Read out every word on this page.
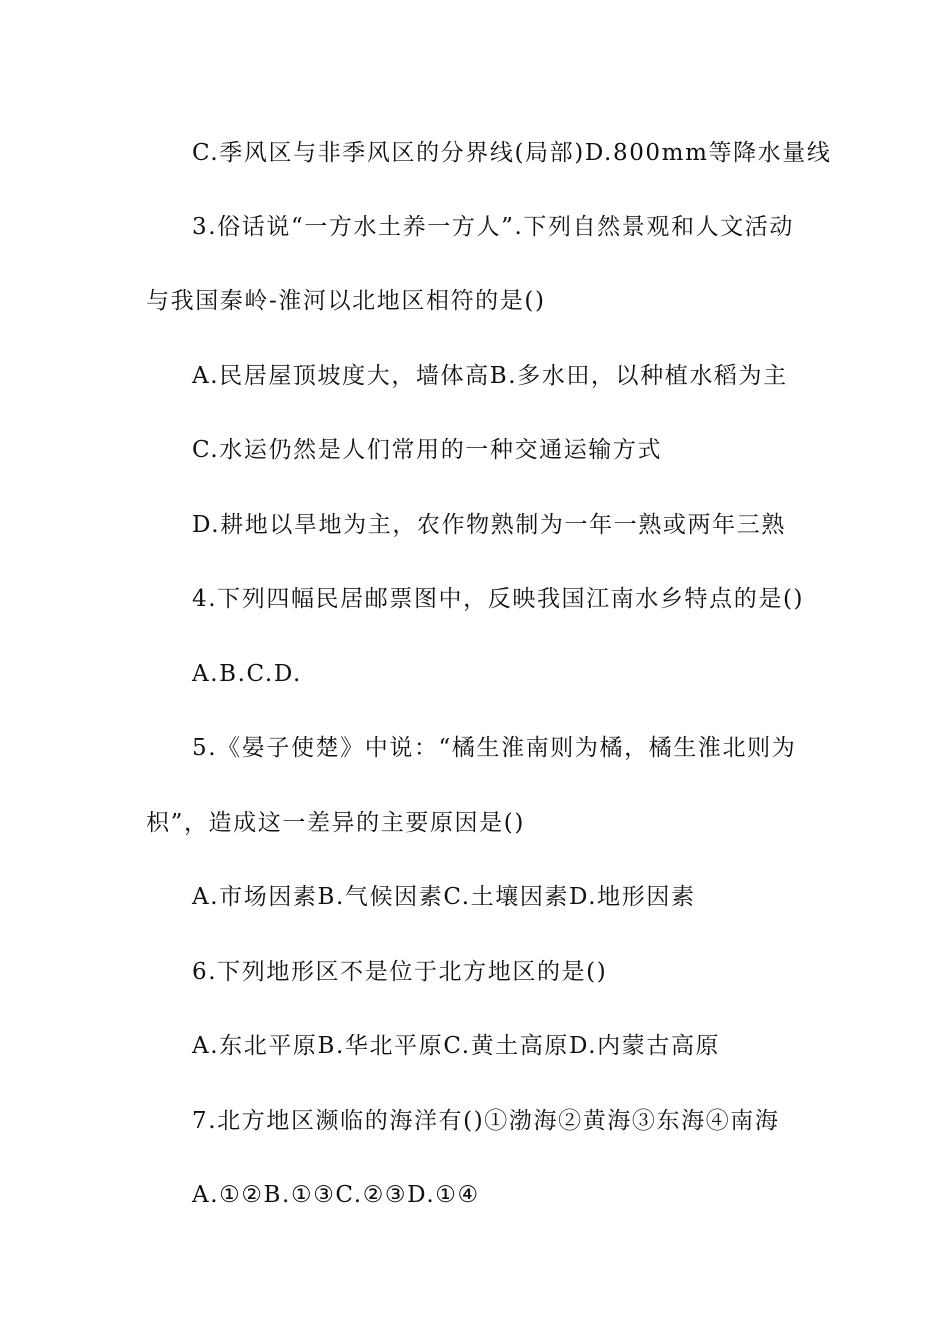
C.季风区与非季风区的分界线(局部)D.800mm等降水量线
3.俗话说“一方水土养一方人”.下列自然景观和人文活动
与我国秦岭-淮河以北地区相符的是()
A.民居屋顶坡度大，墙体高B.多水田，以种植水稻为主
C.水运仍然是人们常用的一种交通运输方式
D.耕地以旱地为主，农作物熟制为一年一熟或两年三熟
4.下列四幅民居邮票图中，反映我国江南水乡特点的是()
A.B.C.D.
5.《晏子使楚》中说：“橘生淮南则为橘，橘生淮北则为
枳”，造成这一差异的主要原因是()
A.市场因素B.气候因素C.土壤因素D.地形因素
6.下列地形区不是位于北方地区的是()
A.东北平原B.华北平原C.黄土高原D.内蒙古高原
7.北方地区濒临的海洋有()①渤海②黄海③东海④南海
A.①②B.①③C.②③D.①④
